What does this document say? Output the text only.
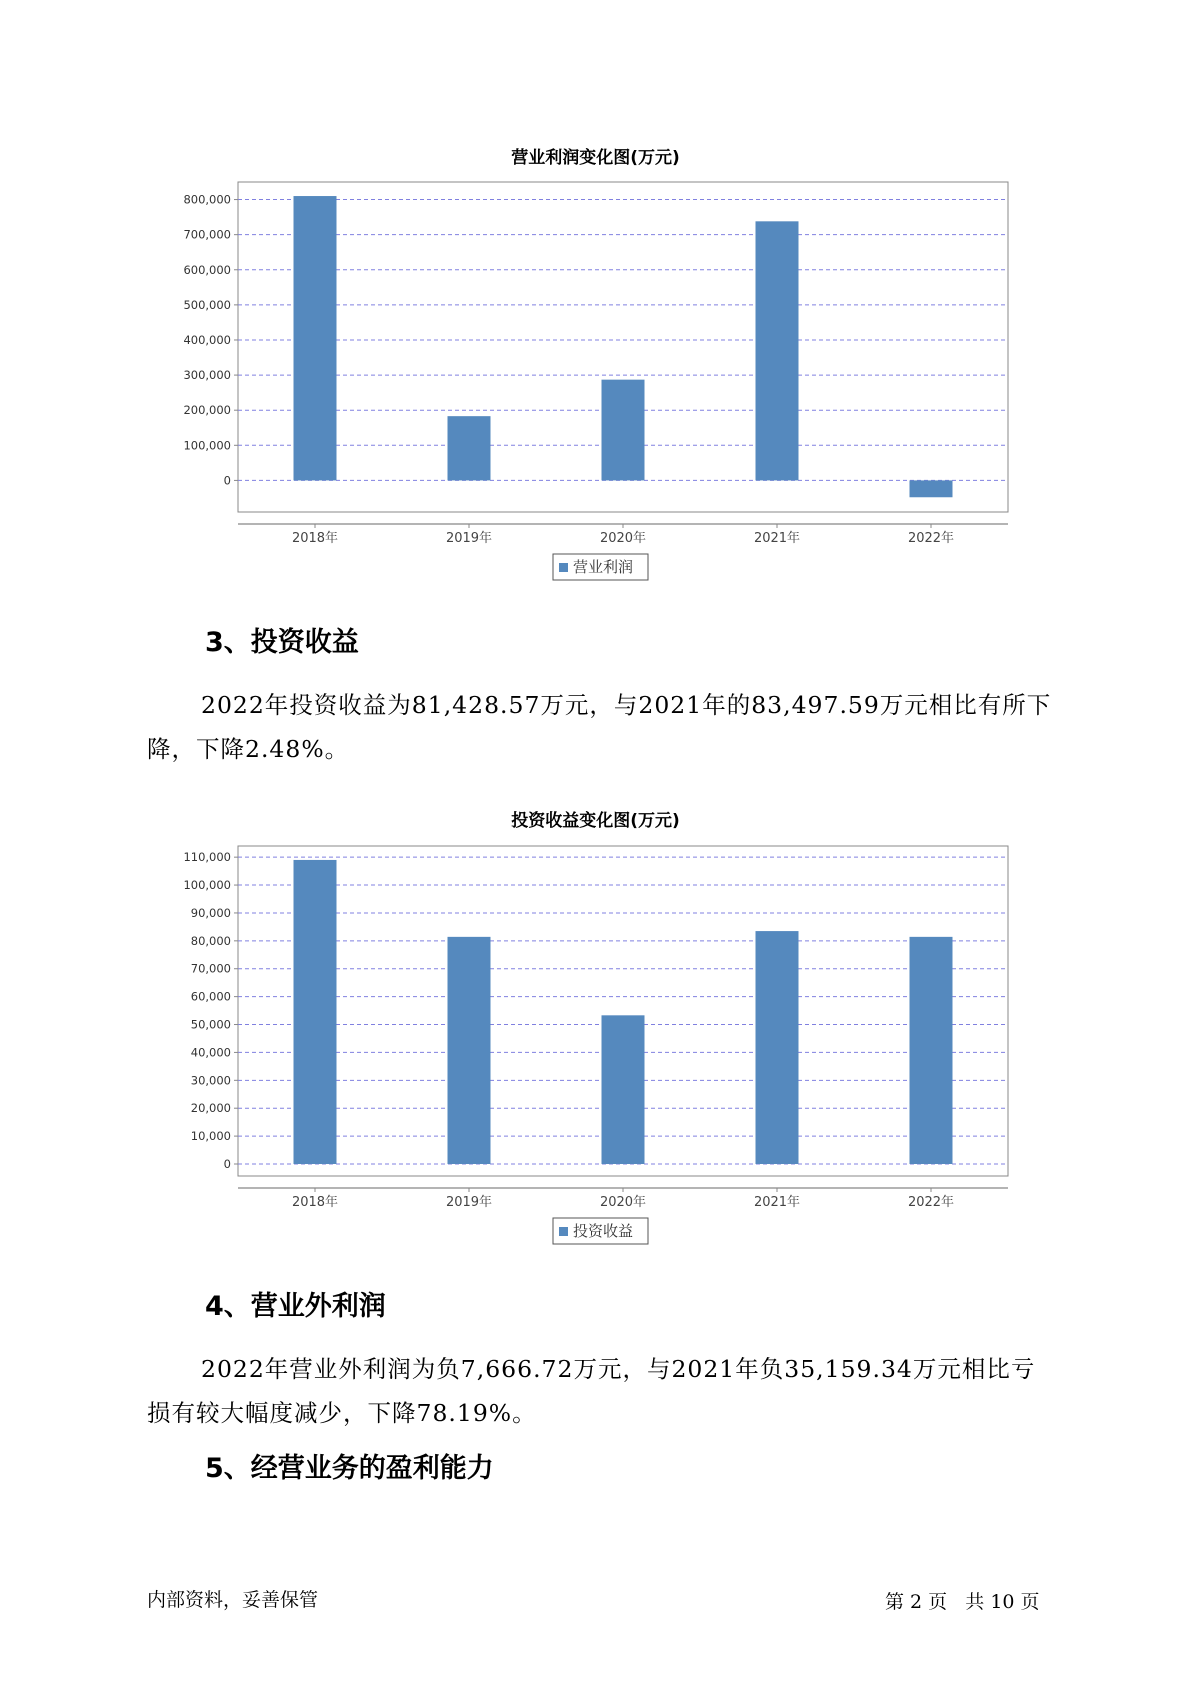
营业利润变化图(万元)
0
100,000
200,000
300,000
400,000
500,000
600,000
700,000
800,000
2018年	2019年	2020年	2021年	2022年
营业利润
3、投资收益
2022年投资收益为81,428.57万元，与2021年的83,497.59万元相比有所下降，下降2.48%。
投资收益变化图(万元)
0
10,000
20,000
30,000
40,000
50,000
60,000
70,000
80,000
90,000
100,000
110,000
2018年	2019年	2020年	2021年	2022年
投资收益
4、营业外利润
2022年营业外利润为负7,666.72万元，与2021年负35,159.34万元相比亏损有较大幅度减少，下降78.19%。
5、经营业务的盈利能力
内部资料，妥善保管	第 2 页   共 10 页
